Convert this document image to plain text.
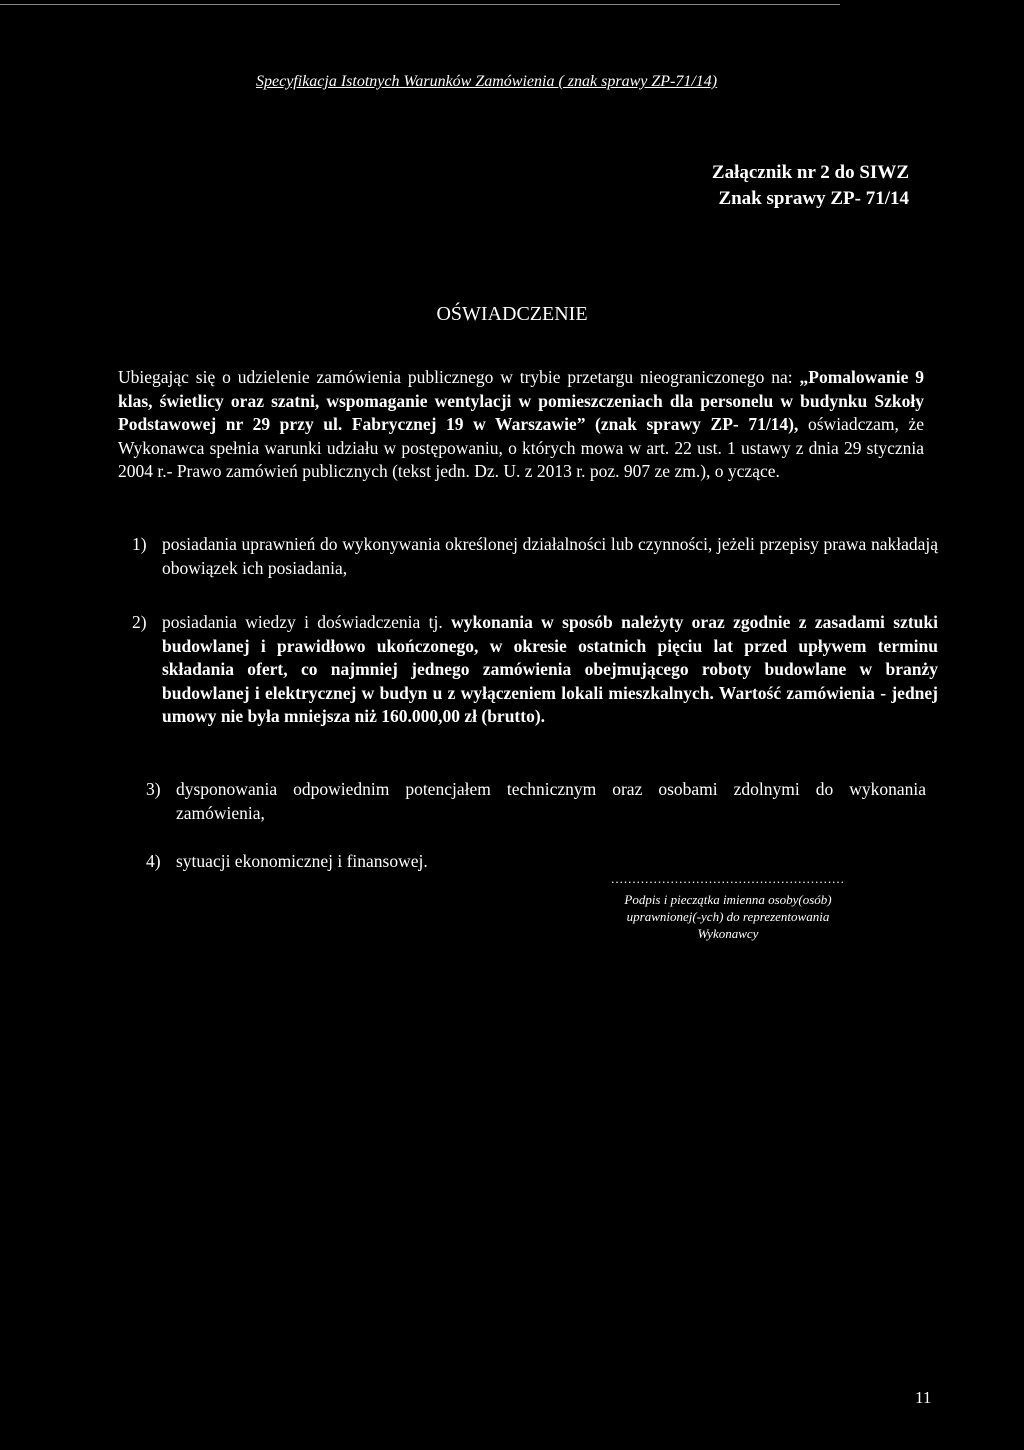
Specyfikacja Istotnych Warunków Zamówienia ( znak sprawy ZP-71/14)
Załącznik nr 2 do SIWZ
Znak sprawy ZP- 71/14
OŚWIADCZENIE
Ubiegając się o udzielenie zamówienia publicznego w trybie przetargu nieograniczonego na: „Pomalowanie 9 klas, świetlicy oraz szatni, wspomaganie wentylacji w pomieszczeniach dla personelu w budynku Szkoły Podstawowej nr 29 przy ul. Fabrycznej 19 w Warszawie” (znak sprawy ZP- 71/14), oświadczam, że Wykonawca spełnia warunki udziału w postępowaniu, o których mowa w art. 22 ust. 1 ustawy z dnia 29 stycznia 2004 r.- Prawo zamówień publicznych (tekst jedn. Dz. U. z 2013 r. poz. 907 ze zm.), o yczące.
1) posiadania uprawnień do wykonywania określonej działalności lub czynności, jeżeli przepisy prawa nakładają obowiązek ich posiadania,
2) posiadania wiedzy i doświadczenia tj. wykonania w sposób należyty oraz zgodnie z zasadami sztuki budowlanej i prawidłowo ukończonego, w okresie ostatnich pięciu lat przed upływem terminu składania ofert, co najmniej jednego zamówienia obejmującego roboty budowlane w branży budowlanej i elektrycznej w budyn u z wyłączeniem lokali mieszkalnych. Wartość zamówienia - jednej umowy nie była mniejsza niż 160.000,00 zł (brutto).
3) dysponowania odpowiednim potencjałem technicznym oraz osobami zdolnymi do wykonania zamówienia,
4) sytuacji ekonomicznej i finansowej.
.......................................................
Podpis i pieczątka imienna osoby(osób)
uprawnionej(-ych) do reprezentowania
Wykonawcy
11
